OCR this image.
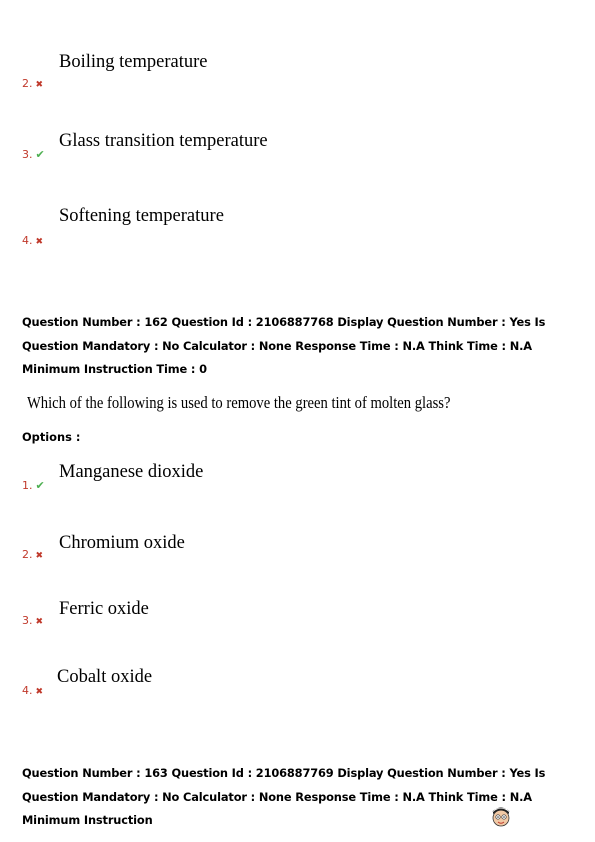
Boiling temperature
2. ✖
Glass transition temperature
3. ✔
Softening temperature
4. ✖
Question Number : 162 Question Id : 2106887768 Display Question Number : Yes Is Question Mandatory : No Calculator : None Response Time : N.A Think Time : N.A Minimum Instruction Time : 0
Which of the following is used to remove the green tint of molten glass?
Options :
Manganese dioxide
1. ✔
Chromium oxide
2. ✖
Ferric oxide
3. ✖
Cobalt oxide
4. ✖
Question Number : 163 Question Id : 2106887769 Display Question Number : Yes Is Question Mandatory : No Calculator : None Response Time : N.A Think Time : N.A Minimum Instruction
